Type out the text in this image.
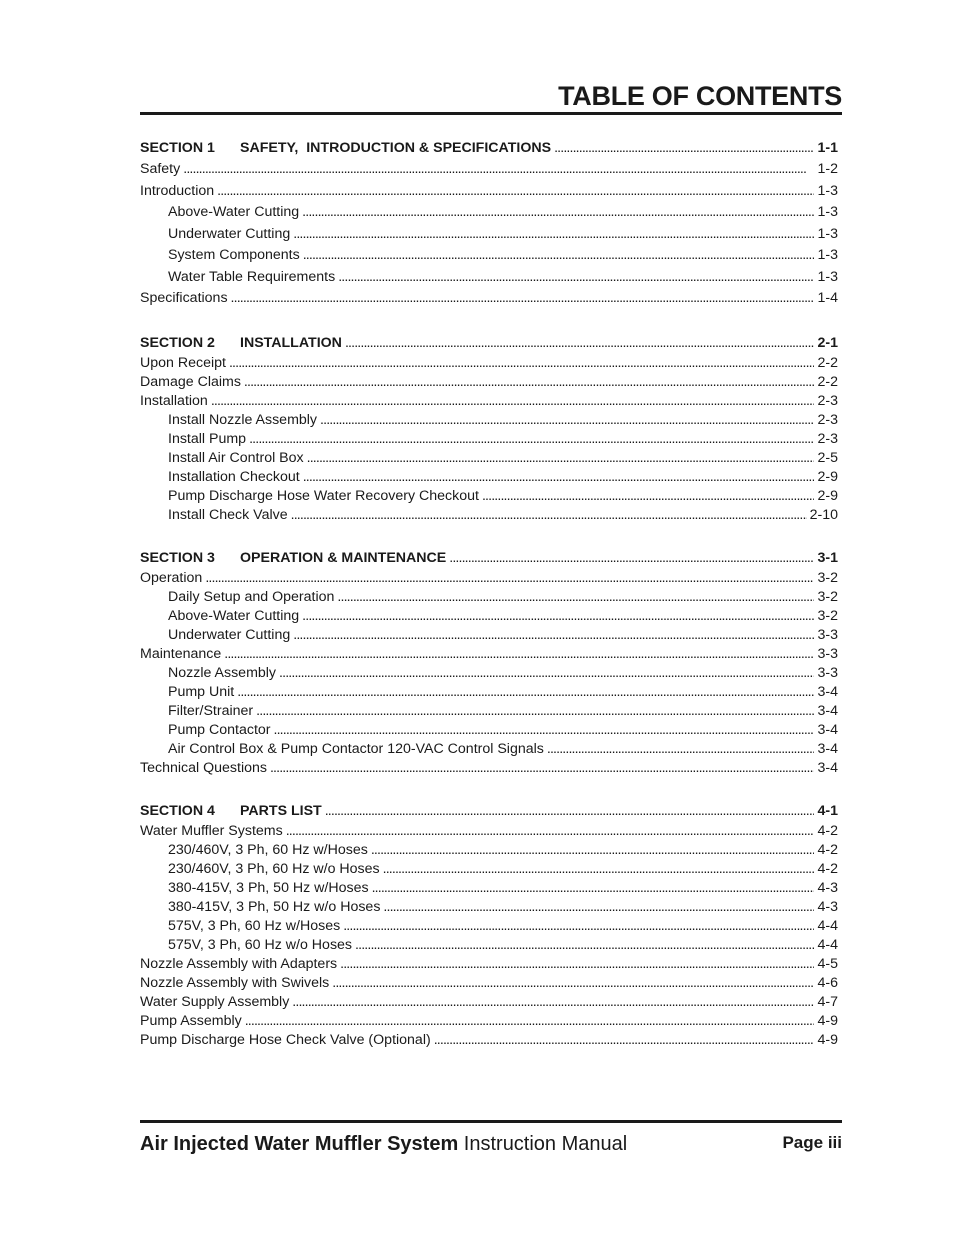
TABLE OF CONTENTS
SECTION 1 SAFETY,  INTRODUCTION & SPECIFICATIONS . . .	1-1
Safety . . .	1-2
Introduction . . .	1-3
Above-Water Cutting . . .	1-3
Underwater Cutting . . .	1-3
System Components . . .	1-3
Water Table Requirements . . .	1-3
Specifications . . .	1-4
SECTION 2 INSTALLATION . . .	2-1
Upon Receipt . . .	2-2
Damage Claims . . .	2-2
Installation . . .	2-3
Install Nozzle Assembly . . .	2-3
Install Pump . . .	2-3
Install Air Control Box . . .	2-5
Installation Checkout . . .	2-9
Pump Discharge Hose Water Recovery Checkout . . .	2-9
Install Check Valve . . .	2-10
SECTION 3 OPERATION & MAINTENANCE . . .	3-1
Operation . . .	3-2
Daily Setup and Operation . . .	3-2
Above-Water Cutting . . .	3-2
Underwater Cutting . . .	3-3
Maintenance . . .	3-3
Nozzle Assembly . . .	3-3
Pump Unit . . .	3-4
Filter/Strainer . . .	3-4
Pump Contactor . . .	3-4
Air Control Box & Pump Contactor 120-VAC Control Signals . . .	3-4
Technical Questions . . .	3-4
SECTION 4 PARTS LIST . . .	4-1
Water Muffler Systems . . .	4-2
230/460V, 3 Ph, 60 Hz w/Hoses . . .	4-2
230/460V, 3 Ph, 60 Hz w/o Hoses . . .	4-2
380-415V, 3 Ph, 50 Hz w/Hoses . . .	4-3
380-415V, 3 Ph, 50 Hz w/o Hoses . . .	4-3
575V, 3 Ph, 60 Hz w/Hoses . . .	4-4
575V, 3 Ph, 60 Hz w/o Hoses . . .	4-4
Nozzle Assembly with Adapters . . .	4-5
Nozzle Assembly with Swivels . . .	4-6
Water Supply Assembly . . .	4-7
Pump Assembly . . .	4-9
Pump Discharge Hose Check Valve (Optional) . . .	4-9
Air Injected Water Muffler System Instruction Manual	Page iii
